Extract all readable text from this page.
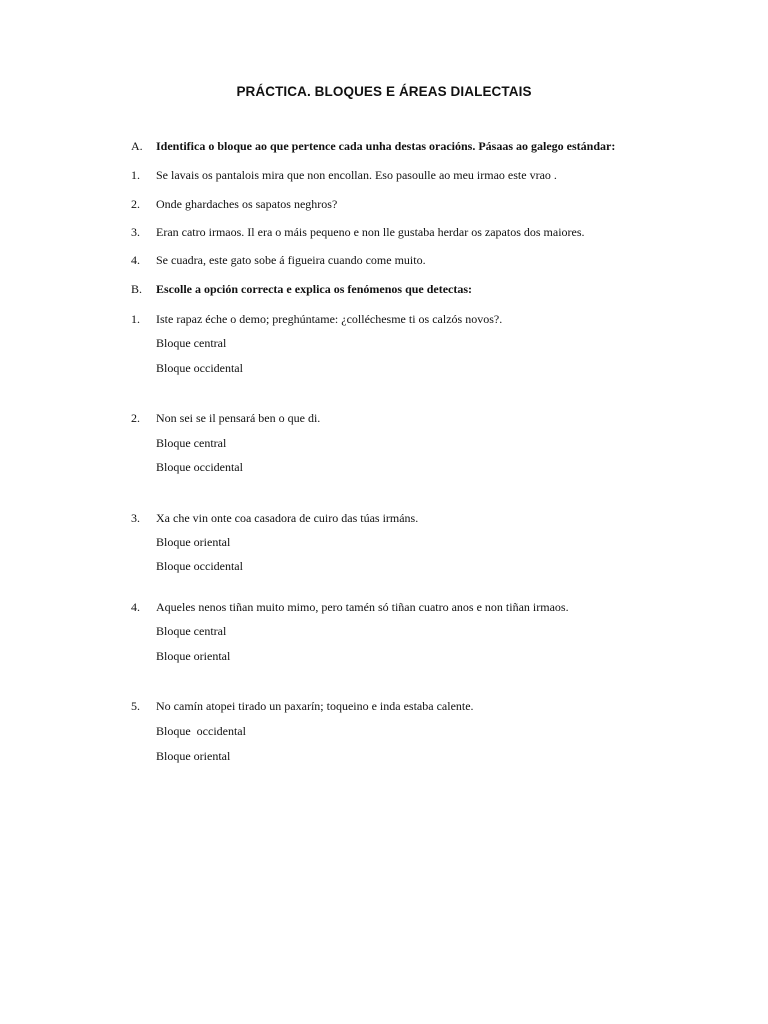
PRÁCTICA. BLOQUES E ÁREAS DIALECTAIS
A. Identifica o bloque ao que pertence cada unha destas oracións. Pásaas ao galego estándar:
1. Se lavais os pantalois mira que non encollan. Eso pasoulle ao meu irmao este vrao .
2. Onde ghardaches os sapatos neghros?
3. Eran catro irmaos. Il era o máis pequeno e non lle gustaba herdar os zapatos dos maiores.
4. Se cuadra, este gato sobe á figueira cuando come muito.
B. Escolle a opción correcta e explica os fenómenos que detectas:
1. Iste rapaz éche o demo; preghúntame: ¿colléchesme ti os calzós novos?.
Bloque central
Bloque occidental
2. Non sei se il pensará ben o que di.
Bloque central
Bloque occidental
3. Xa che vin onte coa casadora de cuiro das túas irmáns.
Bloque oriental
Bloque occidental
4. Aqueles nenos tiñan muito mimo, pero tamén só tiñan cuatro anos e non tiñan irmaos.
Bloque central
Bloque oriental
5. No camín atopei tirado un paxarín; toqueino e inda estaba calente.
Bloque  occidental
Bloque oriental
